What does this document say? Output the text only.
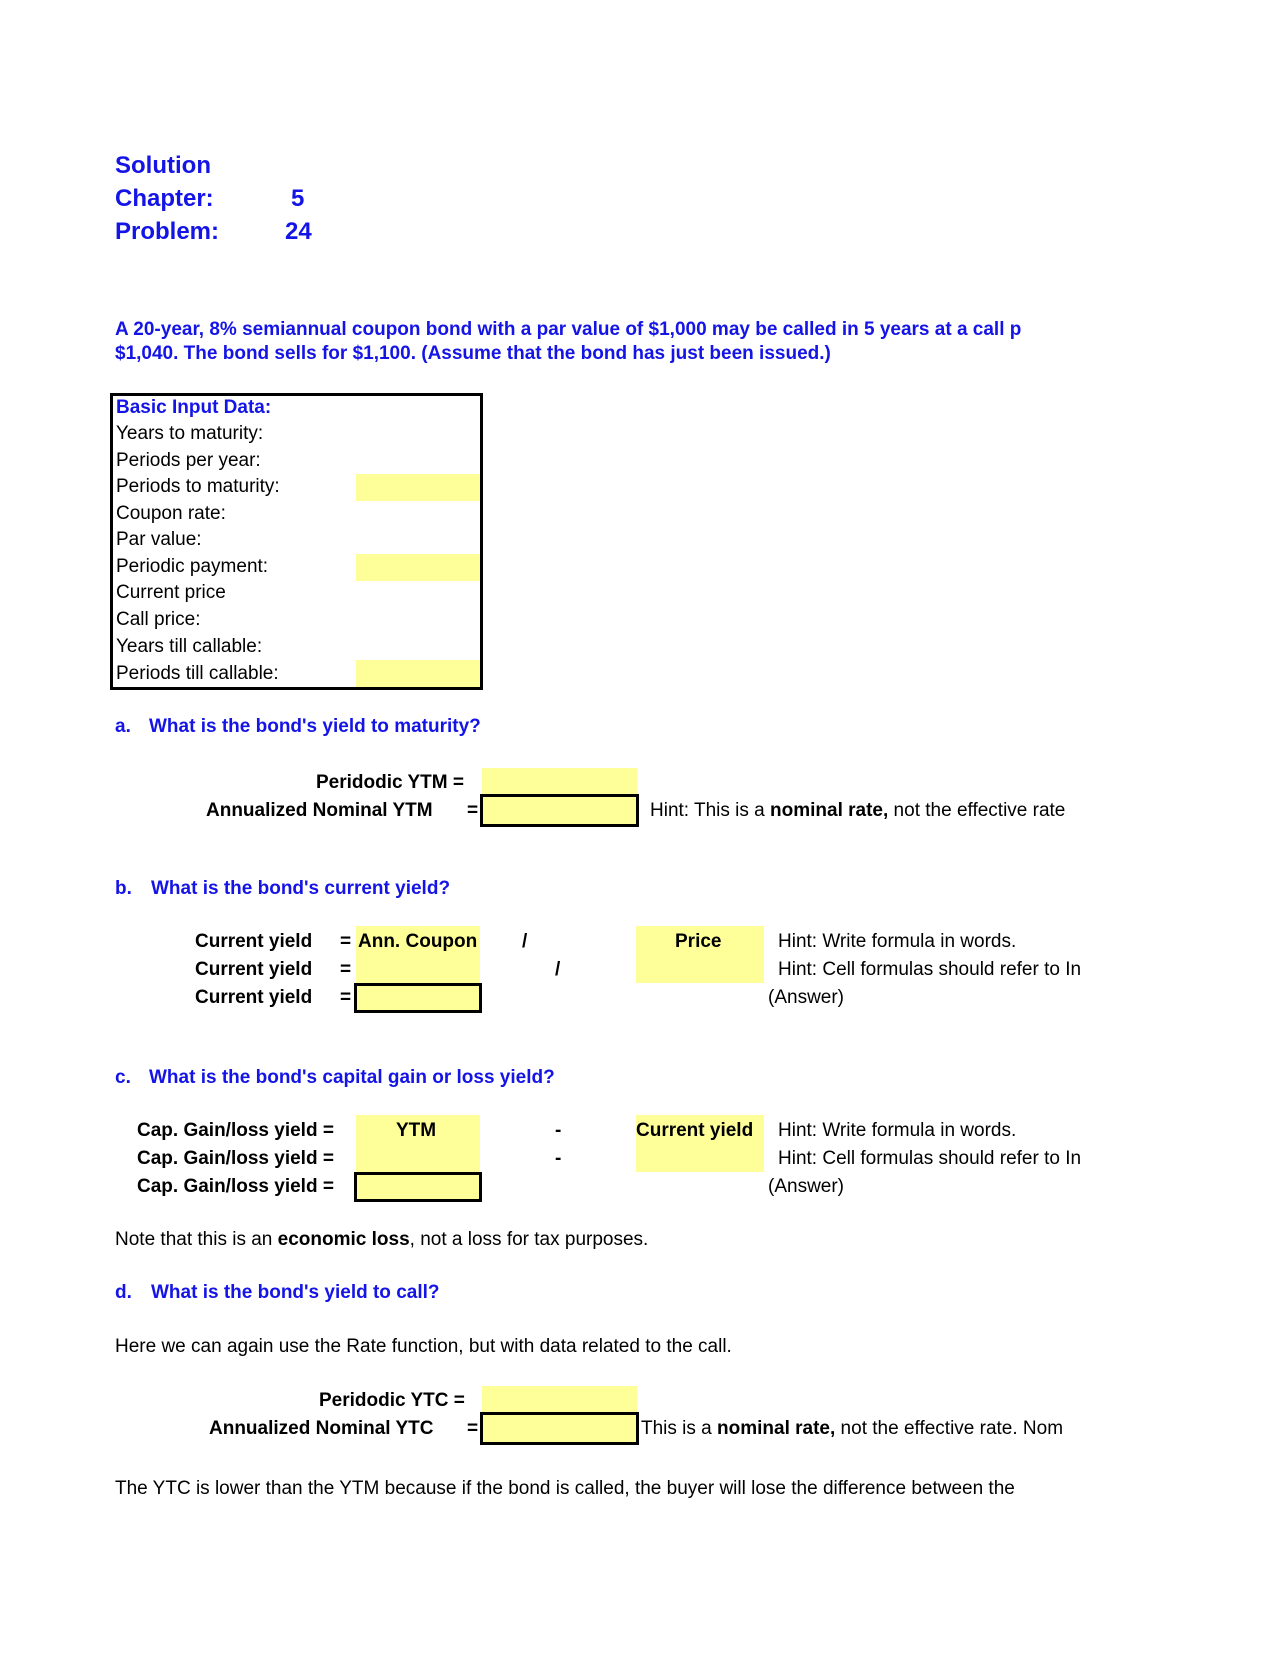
Solution
Chapter:	5
Problem:	24
A 20-year, 8% semiannual coupon bond with a par value of $1,000 may be called in 5 years at a call p
$1,040. The bond sells for $1,100. (Assume that the bond has just been issued.)
Basic Input Data:
Years to maturity:
Periods per year:
Periods to maturity:
Coupon rate:
Par value:
Periodic payment:
Current price
Call price:
Years till callable:
Periods till callable:
a. What is the bond's yield to maturity?
Peridodic YTM =
Annualized Nominal YTM =	Hint: This is a nominal rate, not the effective rate
b. What is the bond's current yield?
Current yield = Ann. Coupon /	Price	Hint: Write formula in words.
Current yield =	/	Hint: Cell formulas should refer to In
Current yield =	(Answer)
c. What is the bond's capital gain or loss yield?
Cap. Gain/loss yield =	YTM	-	Current yield Hint: Write formula in words.
Cap. Gain/loss yield =	-	Hint: Cell formulas should refer to In
Cap. Gain/loss yield =	(Answer)
Note that this is an economic loss, not a loss for tax purposes.
d. What is the bond's yield to call?
Here we can again use the Rate function, but with data related to the call.
Peridodic YTC =
Annualized Nominal YTC =	This is a nominal rate, not the effective rate. Nom
The YTC is lower than the YTM because if the bond is called, the buyer will lose the difference between the
